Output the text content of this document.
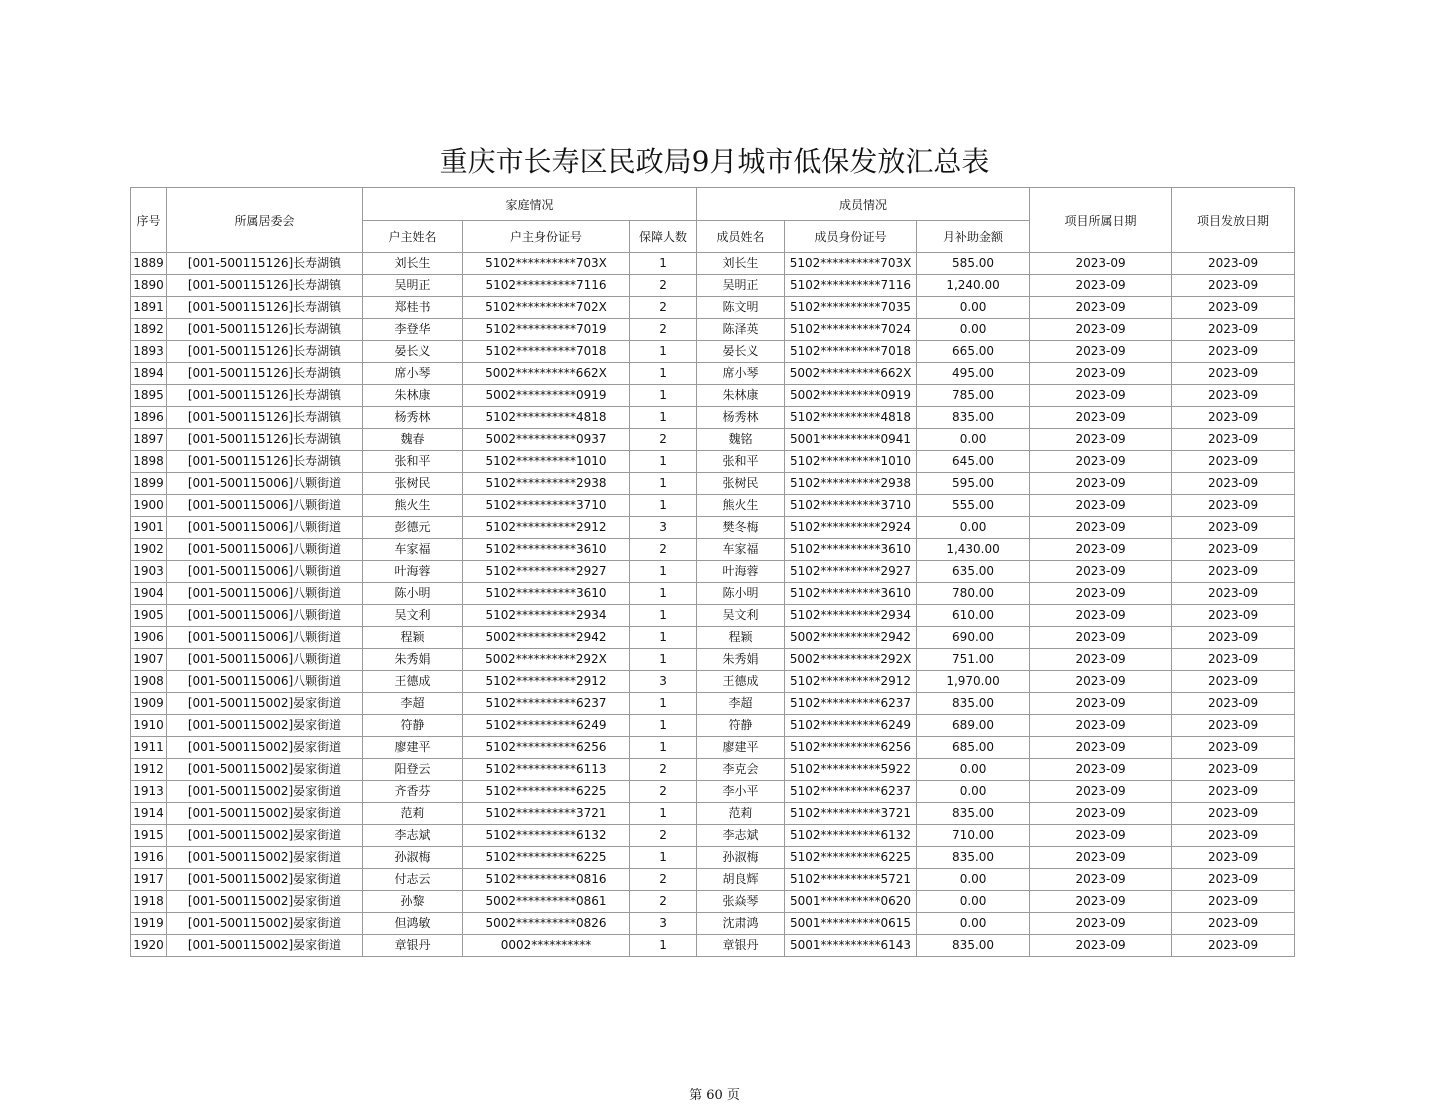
重庆市长寿区民政局9月城市低保发放汇总表
序号	所属居委会	家庭情况			成员情况			项目所属日期	项目发放日期
		户主姓名	户主身份证号	保障人数	成员姓名	成员身份证号	月补助金额		
1889	[001-500115126]长寿湖镇	刘长生	5102**********703X	1	刘长生	5102**********703X	585.00	2023-09	2023-09
1890	[001-500115126]长寿湖镇	吴明正	5102**********7116	2	吴明正	5102**********7116	1,240.00	2023-09	2023-09
1891	[001-500115126]长寿湖镇	郑桂书	5102**********702X	2	陈文明	5102**********7035	0.00	2023-09	2023-09
1892	[001-500115126]长寿湖镇	李登华	5102**********7019	2	陈泽英	5102**********7024	0.00	2023-09	2023-09
1893	[001-500115126]长寿湖镇	晏长义	5102**********7018	1	晏长义	5102**********7018	665.00	2023-09	2023-09
1894	[001-500115126]长寿湖镇	席小琴	5002**********662X	1	席小琴	5002**********662X	495.00	2023-09	2023-09
1895	[001-500115126]长寿湖镇	朱林康	5002**********0919	1	朱林康	5002**********0919	785.00	2023-09	2023-09
1896	[001-500115126]长寿湖镇	杨秀林	5102**********4818	1	杨秀林	5102**********4818	835.00	2023-09	2023-09
1897	[001-500115126]长寿湖镇	魏春	5002**********0937	2	魏铭	5001**********0941	0.00	2023-09	2023-09
1898	[001-500115126]长寿湖镇	张和平	5102**********1010	1	张和平	5102**********1010	645.00	2023-09	2023-09
1899	[001-500115006]八颗街道	张树民	5102**********2938	1	张树民	5102**********2938	595.00	2023-09	2023-09
1900	[001-500115006]八颗街道	熊火生	5102**********3710	1	熊火生	5102**********3710	555.00	2023-09	2023-09
1901	[001-500115006]八颗街道	彭德元	5102**********2912	3	樊冬梅	5102**********2924	0.00	2023-09	2023-09
1902	[001-500115006]八颗街道	车家福	5102**********3610	2	车家福	5102**********3610	1,430.00	2023-09	2023-09
1903	[001-500115006]八颗街道	叶海蓉	5102**********2927	1	叶海蓉	5102**********2927	635.00	2023-09	2023-09
1904	[001-500115006]八颗街道	陈小明	5102**********3610	1	陈小明	5102**********3610	780.00	2023-09	2023-09
1905	[001-500115006]八颗街道	吴文利	5102**********2934	1	吴文利	5102**********2934	610.00	2023-09	2023-09
1906	[001-500115006]八颗街道	程颖	5002**********2942	1	程颖	5002**********2942	690.00	2023-09	2023-09
1907	[001-500115006]八颗街道	朱秀娟	5002**********292X	1	朱秀娟	5002**********292X	751.00	2023-09	2023-09
1908	[001-500115006]八颗街道	王德成	5102**********2912	3	王德成	5102**********2912	1,970.00	2023-09	2023-09
1909	[001-500115002]晏家街道	李超	5102**********6237	1	李超	5102**********6237	835.00	2023-09	2023-09
1910	[001-500115002]晏家街道	符静	5102**********6249	1	符静	5102**********6249	689.00	2023-09	2023-09
1911	[001-500115002]晏家街道	廖建平	5102**********6256	1	廖建平	5102**********6256	685.00	2023-09	2023-09
1912	[001-500115002]晏家街道	阳登云	5102**********6113	2	李克会	5102**********5922	0.00	2023-09	2023-09
1913	[001-500115002]晏家街道	齐香芬	5102**********6225	2	李小平	5102**********6237	0.00	2023-09	2023-09
1914	[001-500115002]晏家街道	范莉	5102**********3721	1	范莉	5102**********3721	835.00	2023-09	2023-09
1915	[001-500115002]晏家街道	李志斌	5102**********6132	2	李志斌	5102**********6132	710.00	2023-09	2023-09
1916	[001-500115002]晏家街道	孙淑梅	5102**********6225	1	孙淑梅	5102**********6225	835.00	2023-09	2023-09
1917	[001-500115002]晏家街道	付志云	5102**********0816	2	胡良辉	5102**********5721	0.00	2023-09	2023-09
1918	[001-500115002]晏家街道	孙黎	5002**********0861	2	张焱琴	5001**********0620	0.00	2023-09	2023-09
1919	[001-500115002]晏家街道	但鸿敏	5002**********0826	3	沈肃鸿	5001**********0615	0.00	2023-09	2023-09
1920	[001-500115002]晏家街道	章银丹	0002**********	1	章银丹	5001**********6143	835.00	2023-09	2023-09
第 60 页
